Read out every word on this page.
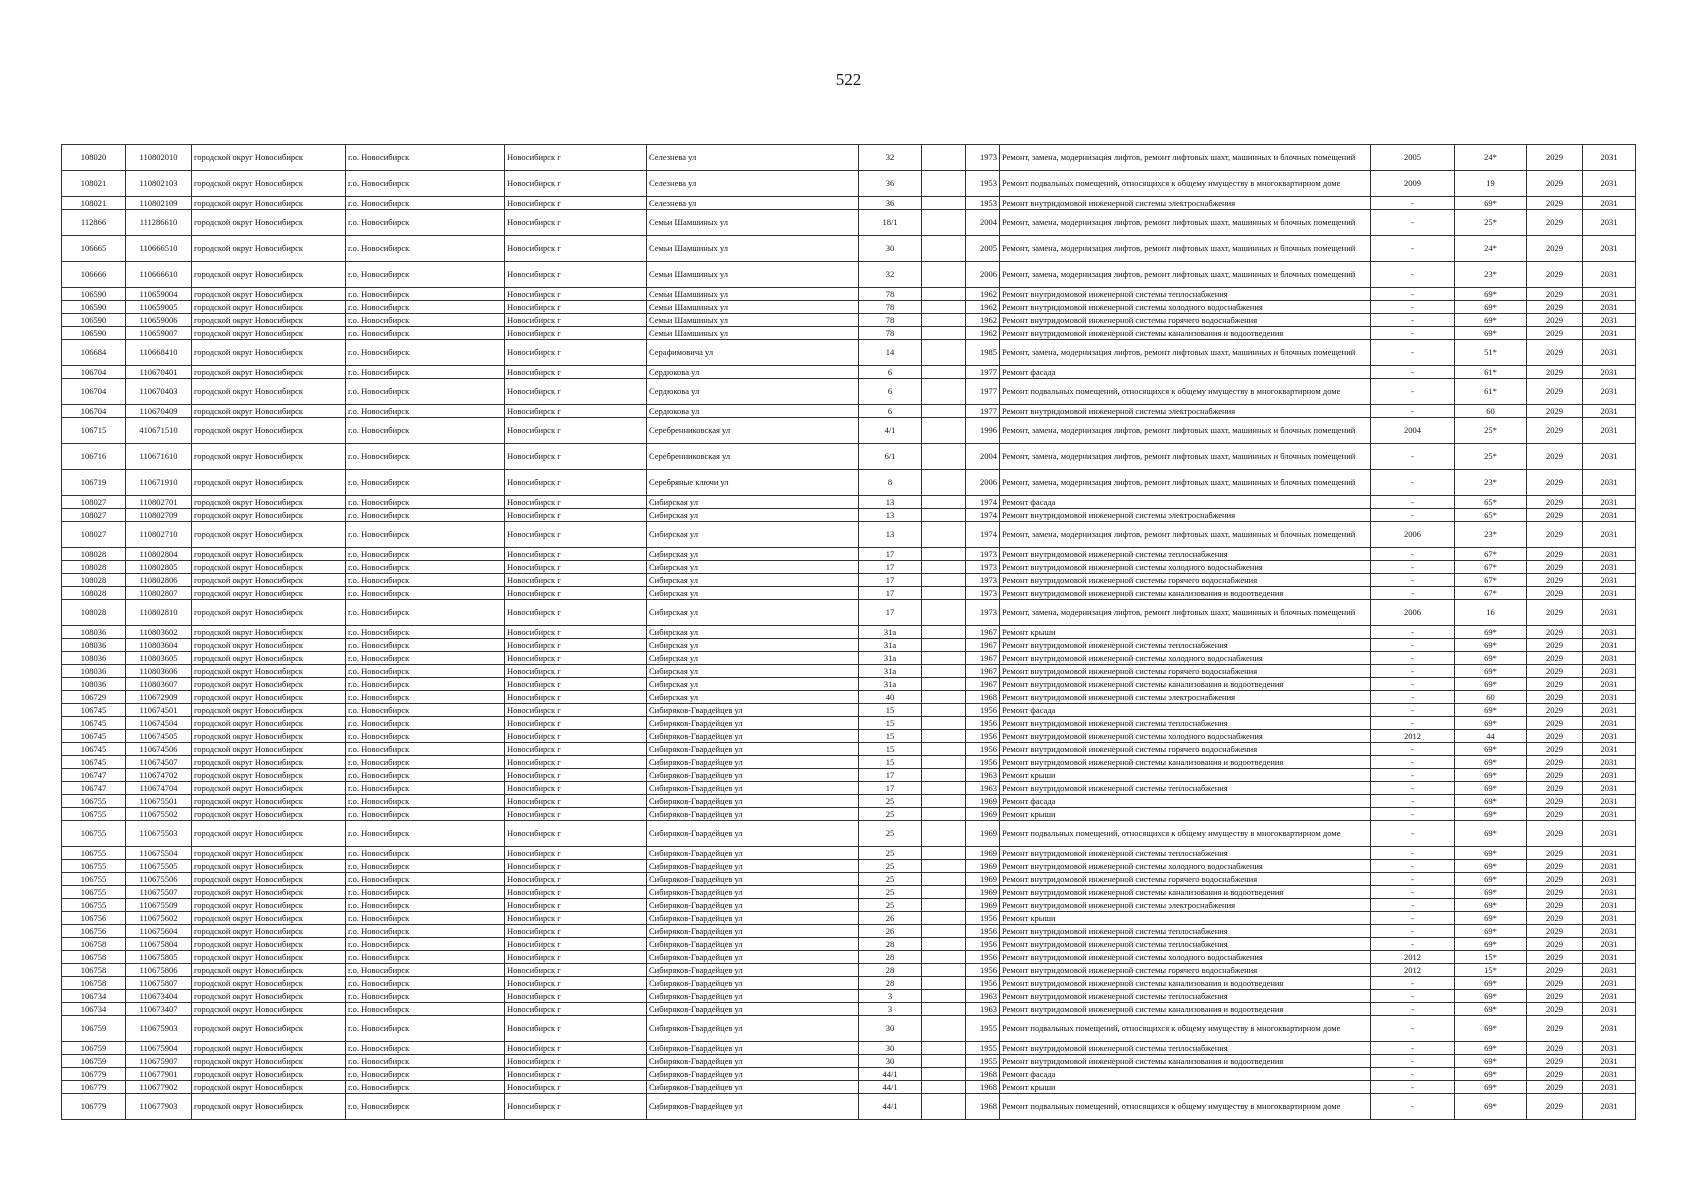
522
108020	110802010	городской округ Новосибирск	г.о. Новосибирск	Новосибирск г	Селезнева ул	32		1973	Ремонт, замена, модернизация лифтов, ремонт лифтовых шахт, машинных и блочных помещений	2005	24*	2029	2031
108021	110802103	городской округ Новосибирск	г.о. Новосибирск	Новосибирск г	Селезнева ул	36		1953	Ремонт подвальных помещений, относящихся к общему имуществу в многоквартирном доме	2009	19	2029	2031
108021	110802109	городской округ Новосибирск	г.о. Новосибирск	Новосибирск г	Селезнева ул	36		1953	Ремонт внутридомовой инженерной системы электроснабжения	-	69*	2029	2031
112866	111286610	городской округ Новосибирск	г.о. Новосибирск	Новосибирск г	Семьи Шамшиных ул	18/1		2004	Ремонт, замена, модернизация лифтов, ремонт лифтовых шахт, машинных и блочных помещений	-	25*	2029	2031
106665	110666510	городской округ Новосибирск	г.о. Новосибирск	Новосибирск г	Семьи Шамшиных ул	30		2005	Ремонт, замена, модернизация лифтов, ремонт лифтовых шахт, машинных и блочных помещений	-	24*	2029	2031
106666	110666610	городской округ Новосибирск	г.о. Новосибирск	Новосибирск г	Семьи Шамшиных ул	32		2006	Ремонт, замена, модернизация лифтов, ремонт лифтовых шахт, машинных и блочных помещений	-	23*	2029	2031
106590	110659004	городской округ Новосибирск	г.о. Новосибирск	Новосибирск г	Семьи Шамшиных ул	78		1962	Ремонт внутридомовой инженерной системы теплоснабжения	-	69*	2029	2031
106590	110659005	городской округ Новосибирск	г.о. Новосибирск	Новосибирск г	Семьи Шамшиных ул	78		1962	Ремонт внутридомовой инженерной системы холодного водоснабжения	-	69*	2029	2031
106590	110659006	городской округ Новосибирск	г.о. Новосибирск	Новосибирск г	Семьи Шамшиных ул	78		1962	Ремонт внутридомовой инженерной системы горячего водоснабжения	-	69*	2029	2031
106590	110659007	городской округ Новосибирск	г.о. Новосибирск	Новосибирск г	Семьи Шамшиных ул	78		1962	Ремонт внутридомовой инженерной системы канализования и водоотведения	-	69*	2029	2031
106684	110668410	городской округ Новосибирск	г.о. Новосибирск	Новосибирск г	Серафимовича ул	14		1985	Ремонт, замена, модернизация лифтов, ремонт лифтовых шахт, машинных и блочных помещений	-	51*	2029	2031
106704	110670401	городской округ Новосибирск	г.о. Новосибирск	Новосибирск г	Сердюкова ул	6		1977	Ремонт фасада	-	61*	2029	2031
106704	110670403	городской округ Новосибирск	г.о. Новосибирск	Новосибирск г	Сердюкова ул	6		1977	Ремонт подвальных помещений, относящихся к общему имуществу в многоквартирном доме	-	61*	2029	2031
106704	110670409	городской округ Новосибирск	г.о. Новосибирск	Новосибирск г	Сердюкова ул	6		1977	Ремонт внутридомовой инженерной системы электроснабжения	-	60	2029	2031
106715	410671510	городской округ Новосибирск	г.о. Новосибирск	Новосибирск г	Серебренниковская ул	4/1		1996	Ремонт, замена, модернизация лифтов, ремонт лифтовых шахт, машинных и блочных помещений	2004	25*	2029	2031
106716	110671610	городской округ Новосибирск	г.о. Новосибирск	Новосибирск г	Серебренниковская ул	6/1		2004	Ремонт, замена, модернизация лифтов, ремонт лифтовых шахт, машинных и блочных помещений	-	25*	2029	2031
106719	110671910	городской округ Новосибирск	г.о. Новосибирск	Новосибирск г	Серебряные ключи ул	8		2006	Ремонт, замена, модернизация лифтов, ремонт лифтовых шахт, машинных и блочных помещений	-	23*	2029	2031
108027	110802701	городской округ Новосибирск	г.о. Новосибирск	Новосибирск г	Сибирская ул	13		1974	Ремонт фасада	-	65*	2029	2031
108027	110802709	городской округ Новосибирск	г.о. Новосибирск	Новосибирск г	Сибирская ул	13		1974	Ремонт внутридомовой инженерной системы электроснабжения	-	65*	2029	2031
108027	110802710	городской округ Новосибирск	г.о. Новосибирск	Новосибирск г	Сибирская ул	13		1974	Ремонт, замена, модернизация лифтов, ремонт лифтовых шахт, машинных и блочных помещений	2006	23*	2029	2031
108028	110802804	городской округ Новосибирск	г.о. Новосибирск	Новосибирск г	Сибирская ул	17		1973	Ремонт внутридомовой инженерной системы теплоснабжения	-	67*	2029	2031
108028	110802805	городской округ Новосибирск	г.о. Новосибирск	Новосибирск г	Сибирская ул	17		1973	Ремонт внутридомовой инженерной системы холодного водоснабжения	-	67*	2029	2031
108028	110802806	городской округ Новосибирск	г.о. Новосибирск	Новосибирск г	Сибирская ул	17		1973	Ремонт внутридомовой инженерной системы горячего водоснабжения	-	67*	2029	2031
108028	110802807	городской округ Новосибирск	г.о. Новосибирск	Новосибирск г	Сибирская ул	17		1973	Ремонт внутридомовой инженерной системы канализования и водоотведения	-	67*	2029	2031
108028	110802810	городской округ Новосибирск	г.о. Новосибирск	Новосибирск г	Сибирская ул	17		1973	Ремонт, замена, модернизация лифтов, ремонт лифтовых шахт, машинных и блочных помещений	2006	16	2029	2031
108036	110803602	городской округ Новосибирск	г.о. Новосибирск	Новосибирск г	Сибирская ул	31а		1967	Ремонт крыши	-	69*	2029	2031
108036	110803604	городской округ Новосибирск	г.о. Новосибирск	Новосибирск г	Сибирская ул	31а		1967	Ремонт внутридомовой инженерной системы теплоснабжения	-	69*	2029	2031
108036	110803605	городской округ Новосибирск	г.о. Новосибирск	Новосибирск г	Сибирская ул	31а		1967	Ремонт внутридомовой инженерной системы холодного водоснабжения	-	69*	2029	2031
108036	110803606	городской округ Новосибирск	г.о. Новосибирск	Новосибирск г	Сибирская ул	31а		1967	Ремонт внутридомовой инженерной системы горячего водоснабжения	-	69*	2029	2031
108036	110803607	городской округ Новосибирск	г.о. Новосибирск	Новосибирск г	Сибирская ул	31а		1967	Ремонт внутридомовой инженерной системы канализования и водоотведения	-	69*	2029	2031
106729	110672909	городской округ Новосибирск	г.о. Новосибирск	Новосибирск г	Сибирская ул	40		1968	Ремонт внутридомовой инженерной системы электроснабжения	-	60	2029	2031
106745	110674501	городской округ Новосибирск	г.о. Новосибирск	Новосибирск г	Сибиряков-Гвардейцев ул	15		1956	Ремонт фасада	-	69*	2029	2031
106745	110674504	городской округ Новосибирск	г.о. Новосибирск	Новосибирск г	Сибиряков-Гвардейцев ул	15		1956	Ремонт внутридомовой инженерной системы теплоснабжения	-	69*	2029	2031
106745	110674505	городской округ Новосибирск	г.о. Новосибирск	Новосибирск г	Сибиряков-Гвардейцев ул	15		1956	Ремонт внутридомовой инженерной системы холодного водоснабжения	2012	44	2029	2031
106745	110674506	городской округ Новосибирск	г.о. Новосибирск	Новосибирск г	Сибиряков-Гвардейцев ул	15		1956	Ремонт внутридомовой инженерной системы горячего водоснабжения	-	69*	2029	2031
106745	110674507	городской округ Новосибирск	г.о. Новосибирск	Новосибирск г	Сибиряков-Гвардейцев ул	15		1956	Ремонт внутридомовой инженерной системы канализования и водоотведения	-	69*	2029	2031
106747	110674702	городской округ Новосибирск	г.о. Новосибирск	Новосибирск г	Сибиряков-Гвардейцев ул	17		1963	Ремонт крыши	-	69*	2029	2031
106747	110674704	городской округ Новосибирск	г.о. Новосибирск	Новосибирск г	Сибиряков-Гвардейцев ул	17		1963	Ремонт внутридомовой инженерной системы теплоснабжения	-	69*	2029	2031
106755	110675501	городской округ Новосибирск	г.о. Новосибирск	Новосибирск г	Сибиряков-Гвардейцев ул	25		1969	Ремонт фасада	-	69*	2029	2031
106755	110675502	городской округ Новосибирск	г.о. Новосибирск	Новосибирск г	Сибиряков-Гвардейцев ул	25		1969	Ремонт крыши	-	69*	2029	2031
106755	110675503	городской округ Новосибирск	г.о. Новосибирск	Новосибирск г	Сибиряков-Гвардейцев ул	25		1969	Ремонт подвальных помещений, относящихся к общему имуществу в многоквартирном доме	-	69*	2029	2031
106755	110675504	городской округ Новосибирск	г.о. Новосибирск	Новосибирск г	Сибиряков-Гвардейцев ул	25		1969	Ремонт внутридомовой инженерной системы теплоснабжения	-	69*	2029	2031
106755	110675505	городской округ Новосибирск	г.о. Новосибирск	Новосибирск г	Сибиряков-Гвардейцев ул	25		1969	Ремонт внутридомовой инженерной системы холодного водоснабжения	-	69*	2029	2031
106755	110675506	городской округ Новосибирск	г.о. Новосибирск	Новосибирск г	Сибиряков-Гвардейцев ул	25		1969	Ремонт внутридомовой инженерной системы горячего водоснабжения	-	69*	2029	2031
106755	110675507	городской округ Новосибирск	г.о. Новосибирск	Новосибирск г	Сибиряков-Гвардейцев ул	25		1969	Ремонт внутридомовой инженерной системы канализования и водоотведения	-	69*	2029	2031
106755	110675509	городской округ Новосибирск	г.о. Новосибирск	Новосибирск г	Сибиряков-Гвардейцев ул	25		1969	Ремонт внутридомовой инженерной системы электроснабжения	-	69*	2029	2031
106756	110675602	городской округ Новосибирск	г.о. Новосибирск	Новосибирск г	Сибиряков-Гвардейцев ул	26		1956	Ремонт крыши	-	69*	2029	2031
106756	110675604	городской округ Новосибирск	г.о. Новосибирск	Новосибирск г	Сибиряков-Гвардейцев ул	26		1956	Ремонт внутридомовой инженерной системы теплоснабжения	-	69*	2029	2031
106758	110675804	городской округ Новосибирск	г.о. Новосибирск	Новосибирск г	Сибиряков-Гвардейцев ул	28		1956	Ремонт внутридомовой инженерной системы теплоснабжения	-	69*	2029	2031
106758	110675805	городской округ Новосибирск	г.о. Новосибирск	Новосибирск г	Сибиряков-Гвардейцев ул	28		1956	Ремонт внутридомовой инженерной системы холодного водоснабжения	2012	15*	2029	2031
106758	110675806	городской округ Новосибирск	г.о. Новосибирск	Новосибирск г	Сибиряков-Гвардейцев ул	28		1956	Ремонт внутридомовой инженерной системы горячего водоснабжения	2012	15*	2029	2031
106758	110675807	городской округ Новосибирск	г.о. Новосибирск	Новосибирск г	Сибиряков-Гвардейцев ул	28		1956	Ремонт внутридомовой инженерной системы канализования и водоотведения	-	69*	2029	2031
106734	110673404	городской округ Новосибирск	г.о. Новосибирск	Новосибирск г	Сибиряков-Гвардейцев ул	3		1963	Ремонт внутридомовой инженерной системы теплоснабжения	-	69*	2029	2031
106734	110673407	городской округ Новосибирск	г.о. Новосибирск	Новосибирск г	Сибиряков-Гвардейцев ул	3		1963	Ремонт внутридомовой инженерной системы канализования и водоотведения	-	69*	2029	2031
106759	110675903	городской округ Новосибирск	г.о. Новосибирск	Новосибирск г	Сибиряков-Гвардейцев ул	30		1955	Ремонт подвальных помещений, относящихся к общему имуществу в многоквартирном доме	-	69*	2029	2031
106759	110675904	городской округ Новосибирск	г.о. Новосибирск	Новосибирск г	Сибиряков-Гвардейцев ул	30		1955	Ремонт внутридомовой инженерной системы теплоснабжения	-	69*	2029	2031
106759	110675907	городской округ Новосибирск	г.о. Новосибирск	Новосибирск г	Сибиряков-Гвардейцев ул	30		1955	Ремонт внутридомовой инженерной системы канализования и водоотведения	-	69*	2029	2031
106779	110677901	городской округ Новосибирск	г.о. Новосибирск	Новосибирск г	Сибиряков-Гвардейцев ул	44/1		1968	Ремонт фасада	-	69*	2029	2031
106779	110677902	городской округ Новосибирск	г.о. Новосибирск	Новосибирск г	Сибиряков-Гвардейцев ул	44/1		1968	Ремонт крыши	-	69*	2029	2031
106779	110677903	городской округ Новосибирск	г.о. Новосибирск	Новосибирск г	Сибиряков-Гвардейцев ул	44/1		1968	Ремонт подвальных помещений, относящихся к общему имуществу в многоквартирном доме	-	69*	2029	2031
